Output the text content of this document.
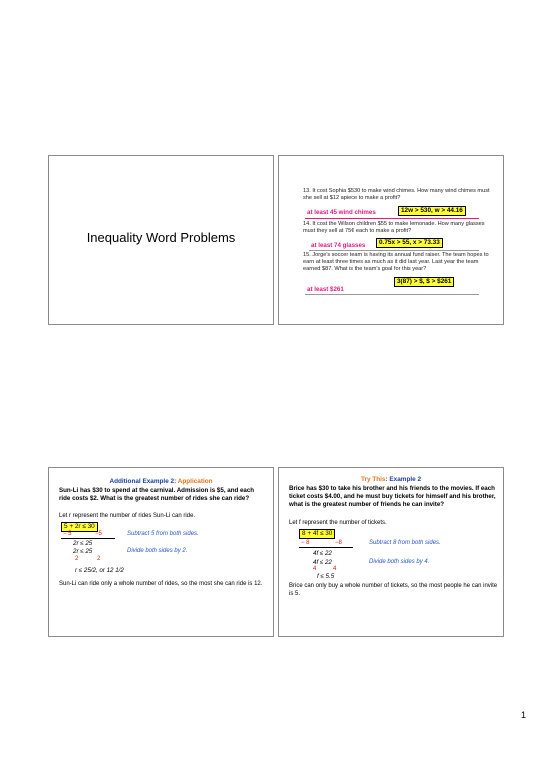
Inequality Word Problems
13. It cost Sophia $530 to make wind chimes. How many wind chimes must she sell at $12 apiece to make a profit?
12w > 530, w > 44.16
at least 45 wind chimes
14. It cost the Wilson children $55 to make lemonade. How many glasses must they sell at 75¢ each to make a profit?
0.75x > 55, x > 73.33
at least 74 glasses
15. Jorge's soccer team is having its annual fund raiser. The team hopes to earn at least three times as much as it did last year. Last year the team earned $87. What is the team's goal for this year?
3(87) > $, $ > $261
at least $261
Additional Example 2: Application
Sun-Li has $30 to spend at the carnival. Admission is $5, and each ride costs $2. What is the greatest number of rides she can ride?
Let r represent the number of rides Sun-Li can ride.
5 + 2r ≤ 30
− 5	−5	Subtract 5 from both sides.
2r ≤ 25
2r ≤ 25	Divide both sides by 2.
2	2
r ≤ 25/2, or 12 1/2
Sun-Li can ride only a whole number of rides, so the most she can ride is 12.
Try This: Example 2
Brice has $30 to take his brother and his friends to the movies. If each ticket costs $4.00, and he must buy tickets for himself and his brother, what is the greatest number of friends he can invite?
Let f represent the number of tickets.
8 + 4f ≤ 30
− 8	−8	Subtract 8 from both sides.
4f ≤ 22
4f ≤ 22	Divide both sides by 4.
4	4
f ≤ 5.5
Brice can only buy a whole number of tickets, so the most people he can invite is 5.
1
